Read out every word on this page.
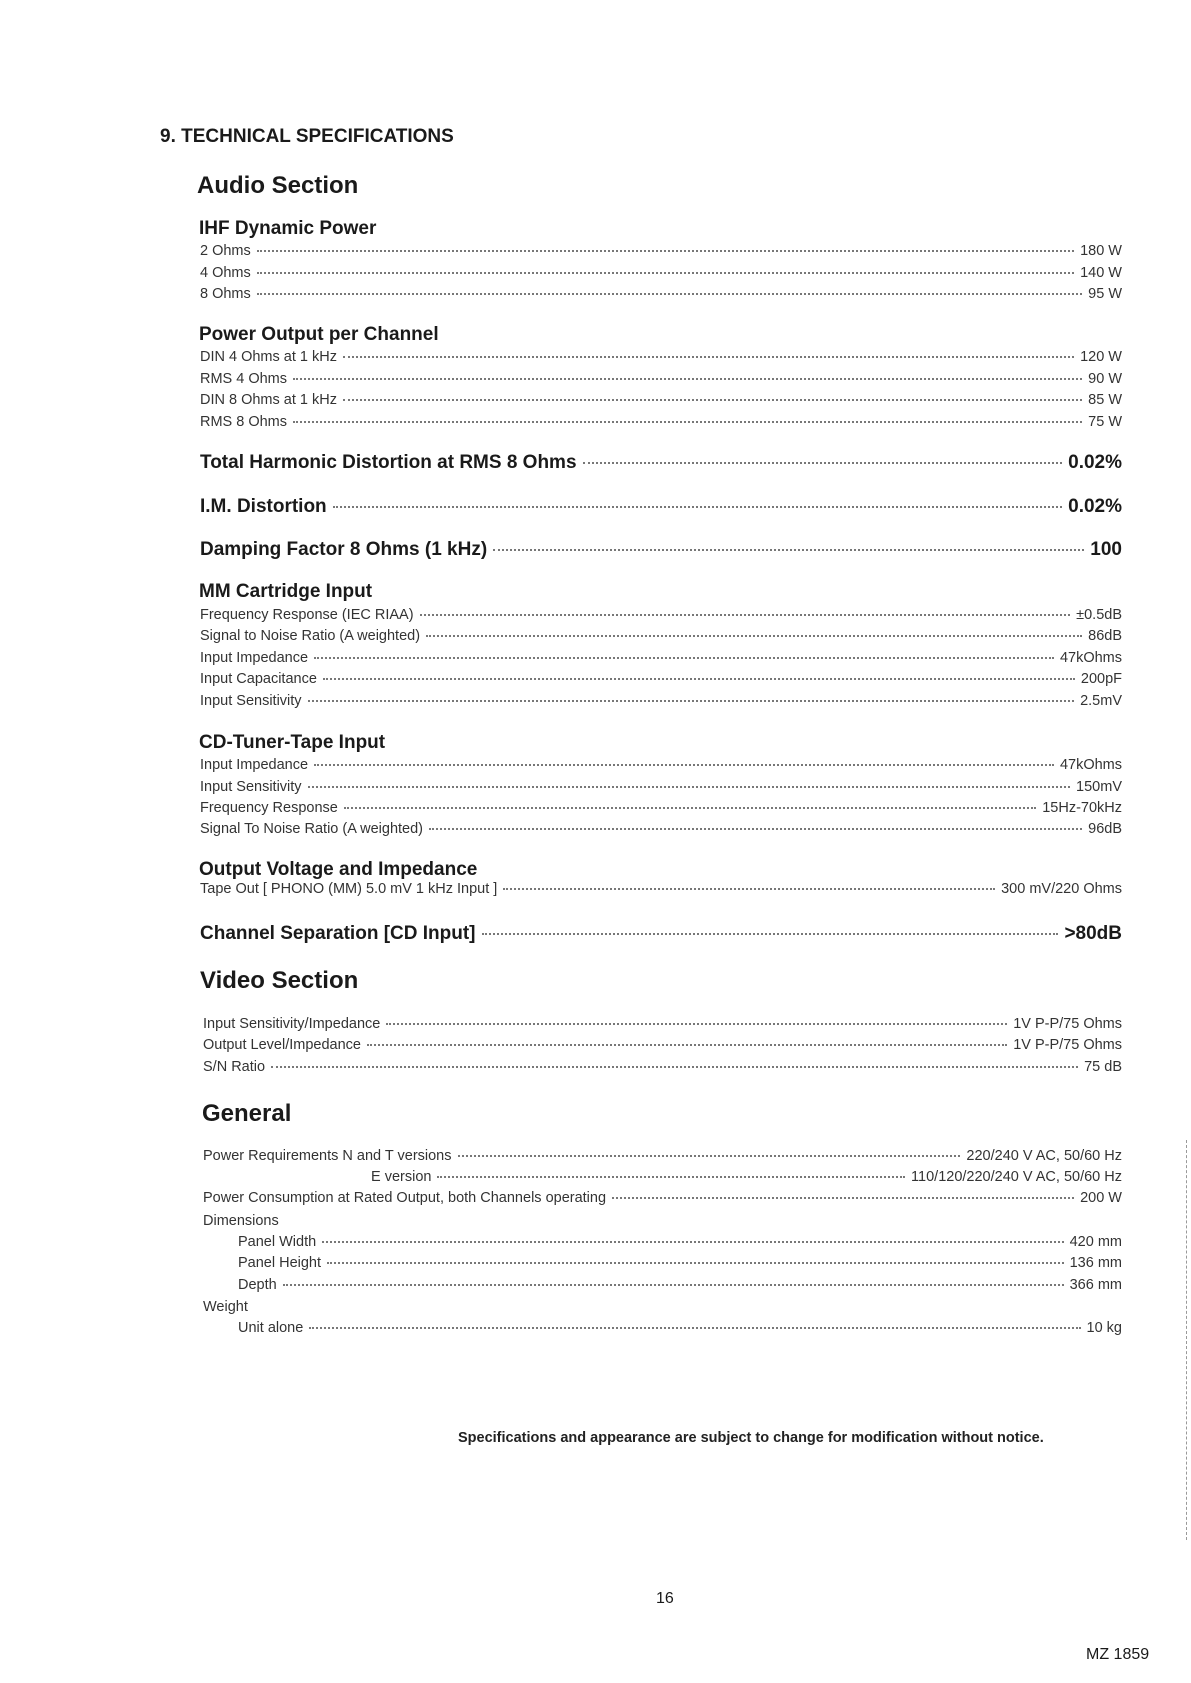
9. TECHNICAL SPECIFICATIONS
Audio Section
IHF Dynamic Power
Power Output per Channel
MM Cartridge Input
CD-Tuner-Tape Input
Output Voltage and Impedance
Video Section
General
2 Ohms	180 W
4 Ohms	140 W
8 Ohms	95 W
DIN 4 Ohms at 1 kHz	120 W
RMS 4 Ohms	90 W
DIN 8 Ohms at 1 kHz	85 W
RMS 8 Ohms	75 W
Total Harmonic Distortion at RMS 8 Ohms	0.02%
I.M. Distortion	0.02%
Damping Factor 8 Ohms (1 kHz)	100
Frequency Response (IEC RIAA)	±0.5dB
Signal to Noise Ratio (A weighted)	86dB
Input Impedance	47kOhms
Input Capacitance	200pF
Input Sensitivity	2.5mV
Input Impedance	47kOhms
Input Sensitivity	150mV
Frequency Response	15Hz-70kHz
Signal To Noise Ratio (A weighted)	96dB
Tape Out [ PHONO (MM) 5.0 mV 1 kHz Input ]	300 mV/220 Ohms
Channel Separation [CD Input]	>80dB
Input Sensitivity/Impedance	1V P-P/75 Ohms
Output Level/Impedance	1V P-P/75 Ohms
S/N Ratio	75 dB
Power Requirements N and T versions	220/240 V AC, 50/60 Hz
E version	110/120/220/240 V AC, 50/60 Hz
Power Consumption at Rated Output, both Channels operating	200 W
Dimensions
Panel Width	420 mm
Panel Height	136 mm
Depth	366 mm
Weight
Unit alone	10 kg
Specifications and appearance are subject to change for modification without notice.
16
MZ 1859
